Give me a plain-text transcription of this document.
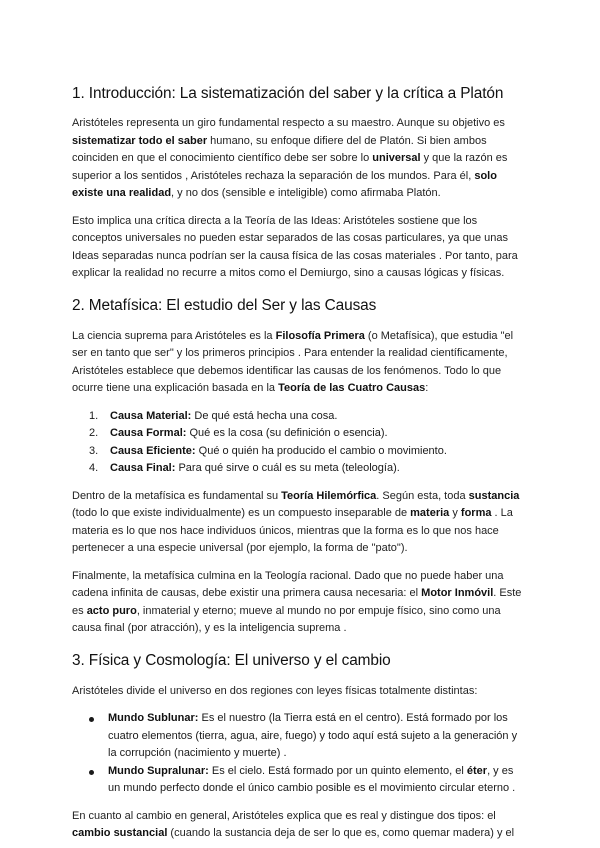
1. Introducción: La sistematización del saber y la crítica a Platón

Aristóteles representa un giro fundamental respecto a su maestro. Aunque su objetivo es sistematizar todo el saber humano, su enfoque difiere del de Platón. Si bien ambos coinciden en que el conocimiento científico debe ser sobre lo universal y que la razón es superior a los sentidos , Aristóteles rechaza la separación de los mundos. Para él, solo existe una realidad, y no dos (sensible e inteligible) como afirmaba Platón.

Esto implica una crítica directa a la Teoría de las Ideas: Aristóteles sostiene que los conceptos universales no pueden estar separados de las cosas particulares, ya que unas Ideas separadas nunca podrían ser la causa física de las cosas materiales . Por tanto, para explicar la realidad no recurre a mitos como el Demiurgo, sino a causas lógicas y físicas.

2. Metafísica: El estudio del Ser y las Causas

La ciencia suprema para Aristóteles es la Filosofía Primera (o Metafísica), que estudia "el ser en tanto que ser" y los primeros principios . Para entender la realidad científicamente, Aristóteles establece que debemos identificar las causas de los fenómenos. Todo lo que ocurre tiene una explicación basada en la Teoría de las Cuatro Causas:

1. Causa Material: De qué está hecha una cosa.
2. Causa Formal: Qué es la cosa (su definición o esencia).
3. Causa Eficiente: Qué o quién ha producido el cambio o movimiento.
4. Causa Final: Para qué sirve o cuál es su meta (teleología).

Dentro de la metafísica es fundamental su Teoría Hilemórfica. Según esta, toda sustancia (todo lo que existe individualmente) es un compuesto inseparable de materia y forma . La materia es lo que nos hace individuos únicos, mientras que la forma es lo que nos hace pertenecer a una especie universal (por ejemplo, la forma de "pato").

Finalmente, la metafísica culmina en la Teología racional. Dado que no puede haber una cadena infinita de causas, debe existir una primera causa necesaria: el Motor Inmóvil. Este es acto puro, inmaterial y eterno; mueve al mundo no por empuje físico, sino como una causa final (por atracción), y es la inteligencia suprema .

3. Física y Cosmología: El universo y el cambio

Aristóteles divide el universo en dos regiones con leyes físicas totalmente distintas:

Mundo Sublunar: Es el nuestro (la Tierra está en el centro). Está formado por los cuatro elementos (tierra, agua, aire, fuego) y todo aquí está sujeto a la generación y la corrupción (nacimiento y muerte) .
Mundo Supralunar: Es el cielo. Está formado por un quinto elemento, el éter, y es un mundo perfecto donde el único cambio posible es el movimiento circular eterno .

En cuanto al cambio en general, Aristóteles explica que es real y distingue dos tipos: el cambio sustancial (cuando la sustancia deja de ser lo que es, como quemar madera) y el
